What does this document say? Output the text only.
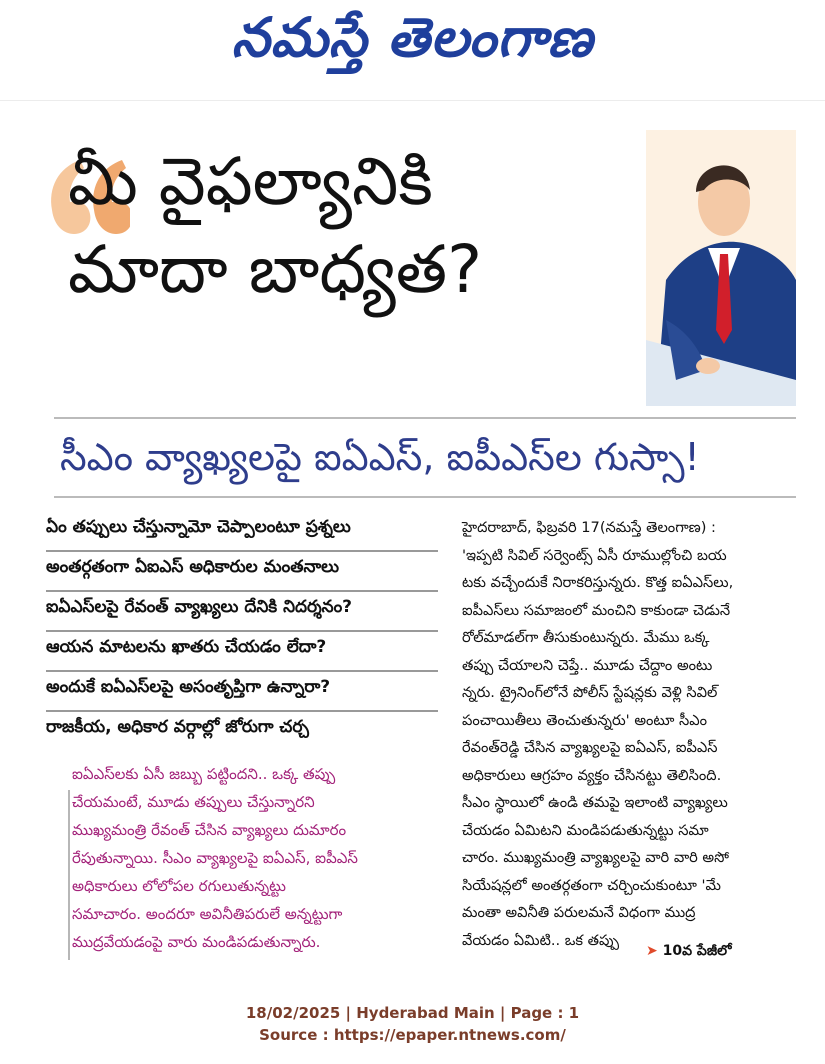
నమస్తే తెలంగాణ
మీ వైఫల్యానికి

మాదా బాధ్యత?
సీఎం వ్యాఖ్యలపై ఐఏఎస్, ఐపీఎస్‌ల గుస్సా!
ఏం తప్పులు చేస్తున్నామో చెప్పాలంటూ ప్రశ్నలు
అంతర్గతంగా ఏఐఎస్ అధికారుల మంతనాలు
ఐఏఎస్‌లపై రేవంత్ వ్యాఖ్యలు దేనికి నిదర్శనం?
ఆయన మాటలను ఖాతరు చేయడం లేదా?
అందుకే ఐఏఎస్‌లపై అసంతృప్తిగా ఉన్నారా?
రాజకీయ, అధికార వర్గాల్లో జోరుగా చర్చ

ఐఏఎస్‌లకు ఏసీ జబ్బు పట్టిందని.. ఒక్క తప్పు

చేయమంటే, మూడు తప్పులు చేస్తున్నారని

ముఖ్యమంత్రి రేవంత్ చేసిన వ్యాఖ్యలు దుమారం

రేపుతున్నాయి. సీఎం వ్యాఖ్యలపై ఐఏఎస్, ఐపీఎస్

అధికారులు లోలోపల రగులుతున్నట్టు

సమాచారం. అందరూ అవినీతిపరులే అన్నట్టుగా

ముద్రవేయడంపై వారు మండిపడుతున్నారు.

హైదరాబాద్, ఫిబ్రవరి 17(నమస్తే తెలంగాణ) :

'ఇప్పటి సివిల్ సర్వెంట్స్ ఏసీ రూముల్లోంచి బయ

టకు వచ్చేందుకే నిరాకరిస్తున్నరు. కొత్త ఐఏఎస్‌లు,

ఐపీఎస్‌లు సమాజంలో మంచిని కాకుండా చెడునే

రోల్‌మాడల్‌గా తీసుకుంటున్నరు. మేము ఒక్క

తప్పు చేయాలని చెప్తే.. మూడు చేద్దాం అంటు

న్నరు. ట్రైనింగ్‌లోనే పోలీస్ స్టేషన్లకు వెళ్లి సివిల్

పంచాయితీలు తెంచుతున్నరు' అంటూ సీఎం

రేవంత్‌రెడ్డి చేసిన వ్యాఖ్యలపై ఐఏఎస్, ఐపీఎస్

అధికారులు ఆగ్రహం వ్యక్తం చేసినట్టు తెలిసింది.

సీఎం స్థాయిలో ఉండి తమపై ఇలాంటి వ్యాఖ్యలు

చేయడం ఏమిటని మండిపడుతున్నట్టు సమా

చారం. ముఖ్యమంత్రి వ్యాఖ్యలపై వారి వారి అసో

సియేషన్లలో అంతర్గతంగా చర్చించుకుంటూ 'మే

మంతా అవినీతి పరులమనే విధంగా ముద్ర

వేయడం ఏమిటి.. ఒక తప్పు

➤ 10వ పేజీలో
18/02/2025 | Hyderabad Main | Page : 1
Source : https://epaper.ntnews.com/
